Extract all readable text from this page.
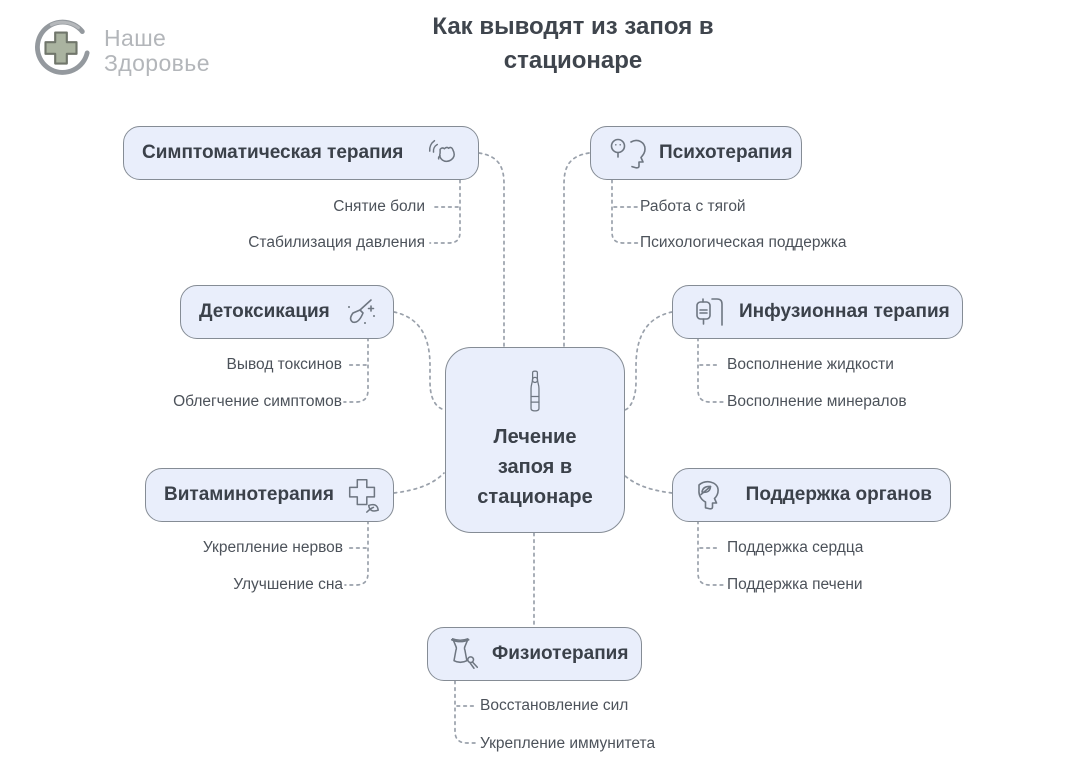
Наше
Здоровье
Как выводят из запоя в
стационаре
Симптоматическая терапия
Снятие боли
Стабилизация давления
Психотерапия
Работа с тягой
Психологическая поддержка
Детоксикация
Вывод токсинов
Облегчение симптомов
Инфузионная терапия
Восполнение жидкости
Восполнение минералов
Лечение
запоя в
стационаре
Витаминотерапия
Укрепление нервов
Улучшение сна
Поддержка органов
Поддержка сердца
Поддержка печени
Физиотерапия
Восстановление сил
Укрепление иммунитета
